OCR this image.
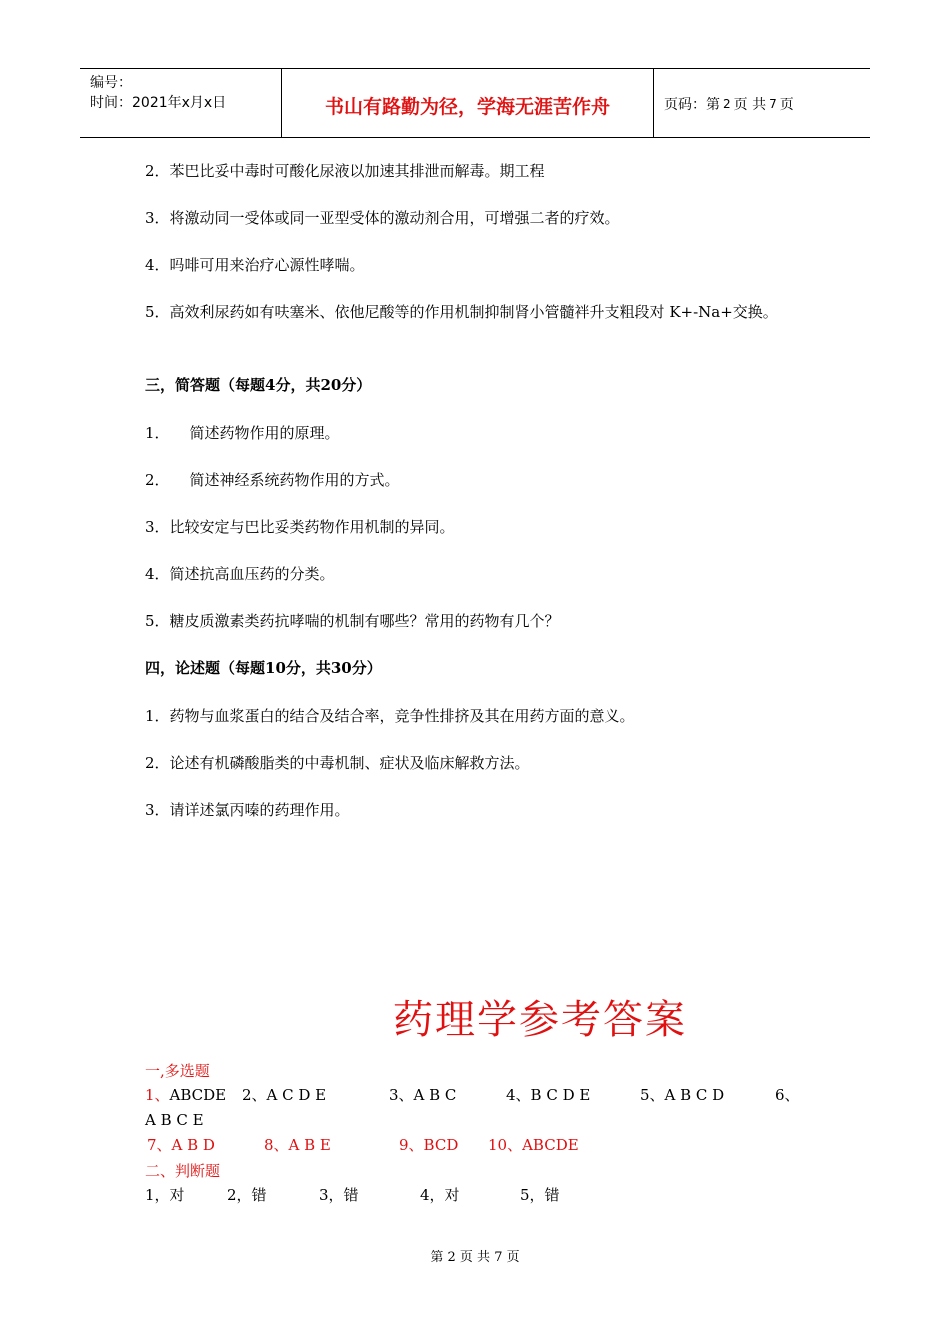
编号：
时间：2021年x月x日	书山有路勤为径，学海无涯苦作舟	页码：第 2 页 共 7 页
2．苯巴比妥中毒时可酸化尿液以加速其排泄而解毒。期工程
3．将激动同一受体或同一亚型受体的激动剂合用，可增强二者的疗效。
4．吗啡可用来治疗心源性哮喘。
5．高效利尿药如有呋塞米、依他尼酸等的作用机制抑制肾小管髓袢升支粗段对 K+-Na+交换。
三，简答题（每题4分，共20分）
1． 简述药物作用的原理。
2． 简述神经系统药物作用的方式。
3．比较安定与巴比妥类药物作用机制的异同。
4．简述抗高血压药的分类。
5．糖皮质激素类药抗哮喘的机制有哪些？常用的药物有几个？
四，论述题（每题10分，共30分）
1．药物与血浆蛋白的结合及结合率，竞争性排挤及其在用药方面的意义。
2．论述有机磷酸脂类的中毒机制、症状及临床解救方法。
3．请详述氯丙嗪的药理作用。
药理学参考答案
一,多选题
1、ABCDE 2、A C D E	3、A B C	4、B C D E	5、A B C D	6、
A B C E
7、A B D	8、A B E	9、BCD 10、ABCDE
二、判断题
1，对	2，错	3，错	4，对	5，错
第 2 页 共 7 页
